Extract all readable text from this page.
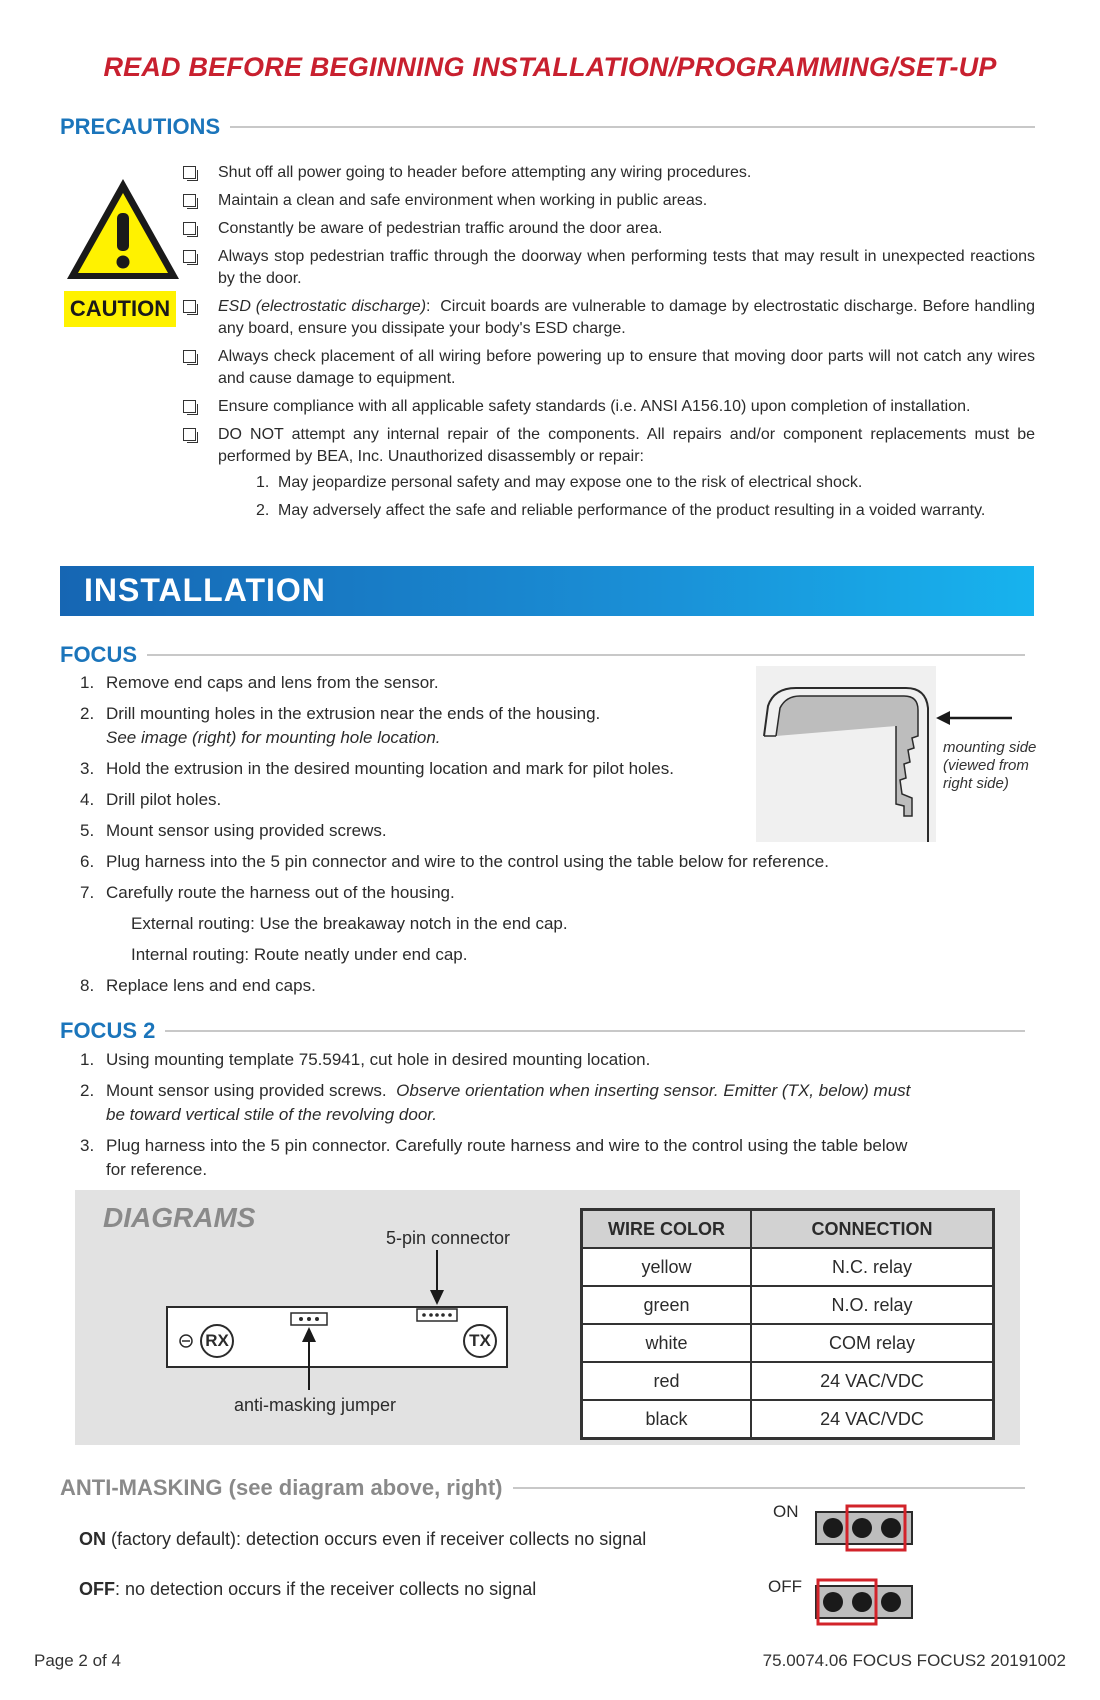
READ BEFORE BEGINNING INSTALLATION/PROGRAMMING/SET-UP
PRECAUTIONS
CAUTION
Shut off all power going to header before attempting any wiring procedures.
Maintain a clean and safe environment when working in public areas.
Constantly be aware of pedestrian traffic around the door area.
Always stop pedestrian traffic through the doorway when performing tests that may result in unexpected reactions by the door.
ESD (electrostatic discharge):  Circuit boards are vulnerable to damage by electrostatic discharge. Before handling any board, ensure you dissipate your body's ESD charge.
Always check placement of all wiring before powering up to ensure that moving door parts will not catch any wires and cause damage to equipment.
Ensure compliance with all applicable safety standards (i.e. ANSI A156.10) upon completion of installation.
DO NOT attempt any internal repair of the components. All repairs and/or component replacements must be performed by BEA, Inc. Unauthorized disassembly or repair:
1. May jeopardize personal safety and may expose one to the risk of electrical shock.
2. May adversely affect the safe and reliable performance of the product resulting in a voided warranty.
INSTALLATION
FOCUS
1. Remove end caps and lens from the sensor.
2. Drill mounting holes in the extrusion near the ends of the housing.
See image (right) for mounting hole location.
3. Hold the extrusion in the desired mounting location and mark for pilot holes.
4. Drill pilot holes.
5. Mount sensor using provided screws.
6. Plug harness into the 5 pin connector and wire to the control using the table below for reference.
7. Carefully route the harness out of the housing.
External routing: Use the breakaway notch in the end cap.
Internal routing: Route neatly under end cap.
8. Replace lens and end caps.
mounting side
(viewed from
right side)
FOCUS 2
1. Using mounting template 75.5941, cut hole in desired mounting location.
2. Mount sensor using provided screws. Observe orientation when inserting sensor. Emitter (TX, below) must
be toward vertical stile of the revolving door.
3. Plug harness into the 5 pin connector. Carefully route harness and wire to the control using the table below
for reference.
DIAGRAMS
5-pin connector
RX	TX
anti-masking jumper
WIRE COLOR	CONNECTION
yellow	N.C. relay
green	N.O. relay
white	COM relay
red	24 VAC/VDC
black	24 VAC/VDC
ANTI-MASKING (see diagram above, right)
ON (factory default): detection occurs even if receiver collects no signal
OFF: no detection occurs if the receiver collects no signal
ON
OFF
Page 2 of 4	75.0074.06 FOCUS FOCUS2 20191002
